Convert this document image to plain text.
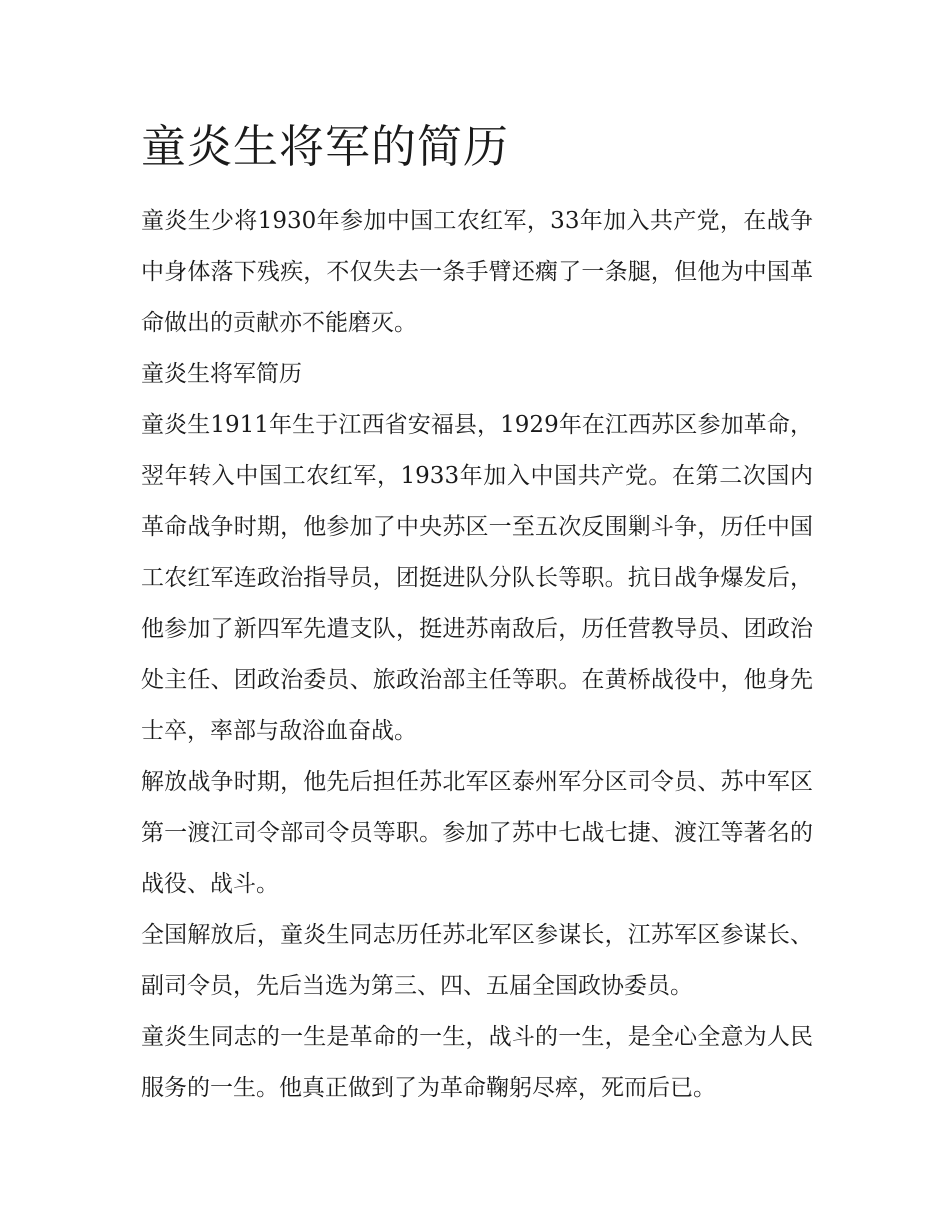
童炎生将军的简历

童炎生少将1930年参加中国工农红军，33年加入共产党，在战争中身体落下残疾，不仅失去一条手臂还瘸了一条腿，但他为中国革命做出的贡献亦不能磨灭。

童炎生将军简历

童炎生1911年生于江西省安福县，1929年在江西苏区参加革命，翌年转入中国工农红军，1933年加入中国共产党。在第二次国内革命战争时期，他参加了中央苏区一至五次反围剿斗争，历任中国工农红军连政治指导员，团挺进队分队长等职。抗日战争爆发后，他参加了新四军先遣支队，挺进苏南敌后，历任营教导员、团政治处主任、团政治委员、旅政治部主任等职。在黄桥战役中，他身先士卒，率部与敌浴血奋战。

解放战争时期，他先后担任苏北军区泰州军分区司令员、苏中军区第一渡江司令部司令员等职。参加了苏中七战七捷、渡江等著名的战役、战斗。

全国解放后，童炎生同志历任苏北军区参谋长，江苏军区参谋长、副司令员，先后当选为第三、四、五届全国政协委员。

童炎生同志的一生是革命的一生，战斗的一生，是全心全意为人民服务的一生。他真正做到了为革命鞠躬尽瘁，死而后已。
